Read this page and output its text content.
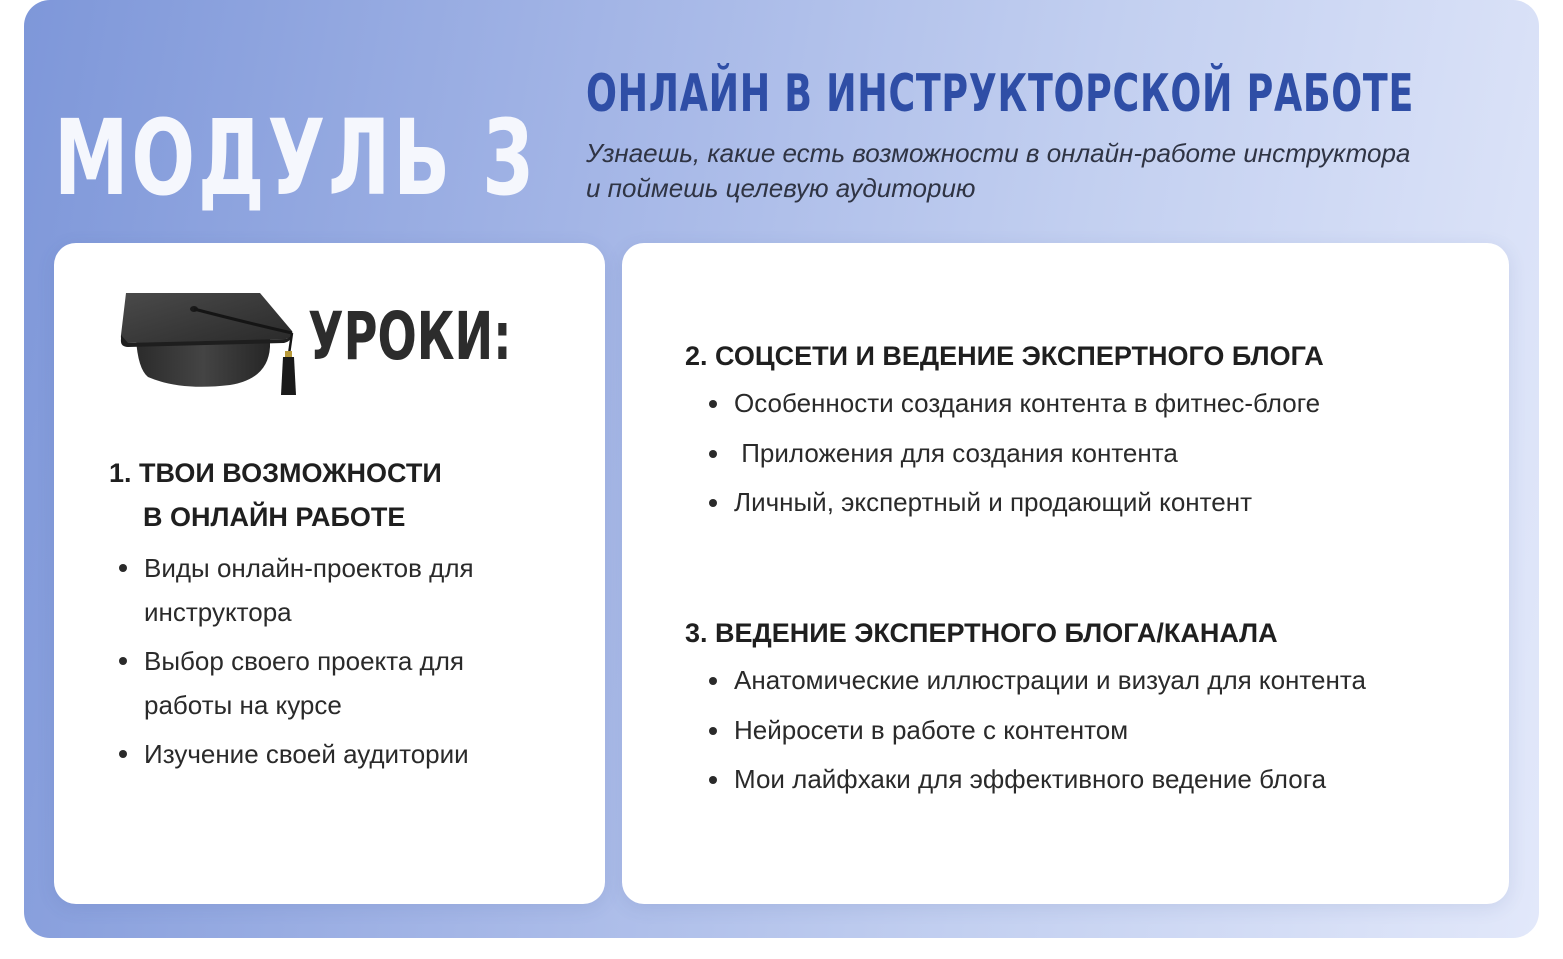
МОДУЛЬ 3
ОНЛАЙН В ИНСТРУКТОРСКОЙ РАБОТЕ

Узнаешь, какие есть возможности в онлайн-работе инструктора
и поймешь целевую аудиторию

УРОКИ:
1. ТВОИ ВОЗМОЖНОСТИ
В ОНЛАЙН РАБОТЕ
Виды онлайн-проектов для инструктора
Выбор своего проекта для работы на курсе
Изучение своей аудитории
2. СОЦСЕТИ И ВЕДЕНИЕ ЭКСПЕРТНОГО БЛОГА
Особенности создания контента в фитнес-блоге
Приложения для создания контента
Личный, экспертный и продающий контент
3. ВЕДЕНИЕ ЭКСПЕРТНОГО БЛОГА/КАНАЛА
Анатомические иллюстрации и визуал для контента
Нейросети в работе с контентом
Мои лайфхаки для эффективного ведение блога
